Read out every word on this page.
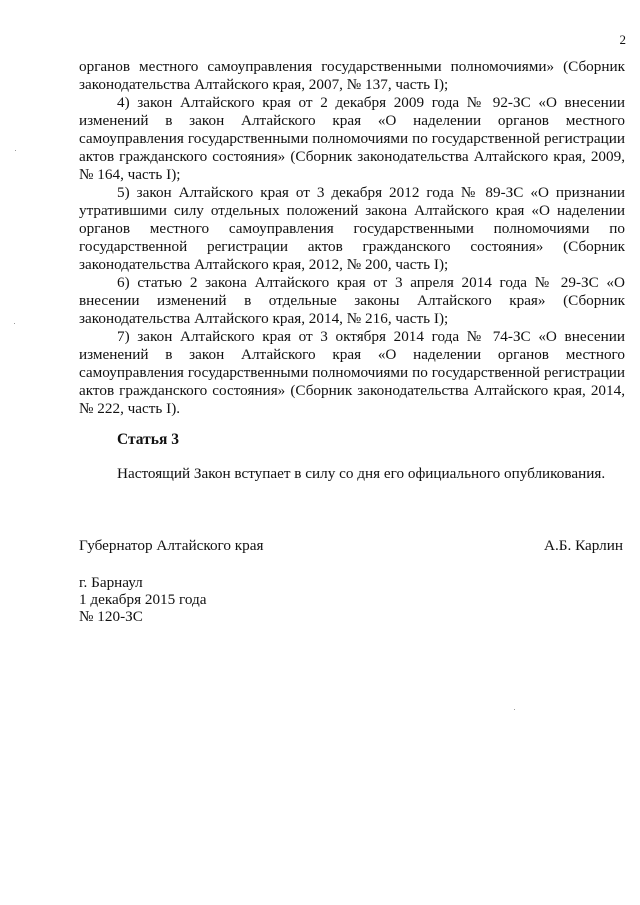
2

органов местного самоуправления государственными полномочиями» (Сборник законодательства Алтайского края, 2007, № 137, часть I);

4) закон Алтайского края от 2 декабря 2009 года № 92-ЗС «О внесении изменений в закон Алтайского края «О наделении органов местного самоуправления государственными полномочиями по государственной регистрации актов гражданского состояния» (Сборник законодательства Алтайского края, 2009, № 164, часть I);

5) закон Алтайского края от 3 декабря 2012 года № 89-ЗС «О признании утратившими силу отдельных положений закона Алтайского края «О наделении органов местного самоуправления государственными полномочиями по государственной регистрации актов гражданского состояния» (Сборник законодательства Алтайского края, 2012, № 200, часть I);

6) статью 2 закона Алтайского края от 3 апреля 2014 года № 29-ЗС «О внесении изменений в отдельные законы Алтайского края» (Сборник законодательства Алтайского края, 2014, № 216, часть I);

7) закон Алтайского края от 3 октября 2014 года № 74-ЗС «О внесении изменений в закон Алтайского края «О наделении органов местного самоуправления государственными полномочиями по государственной регистрации актов гражданского состояния» (Сборник законодательства Алтайского края, 2014, № 222, часть I).

Статья 3

Настоящий Закон вступает в силу со дня его официального опубликования.

Губернатор Алтайского края	А.Б. Карлин
г. Барнаул
1 декабря 2015 года
№ 120-ЗС
